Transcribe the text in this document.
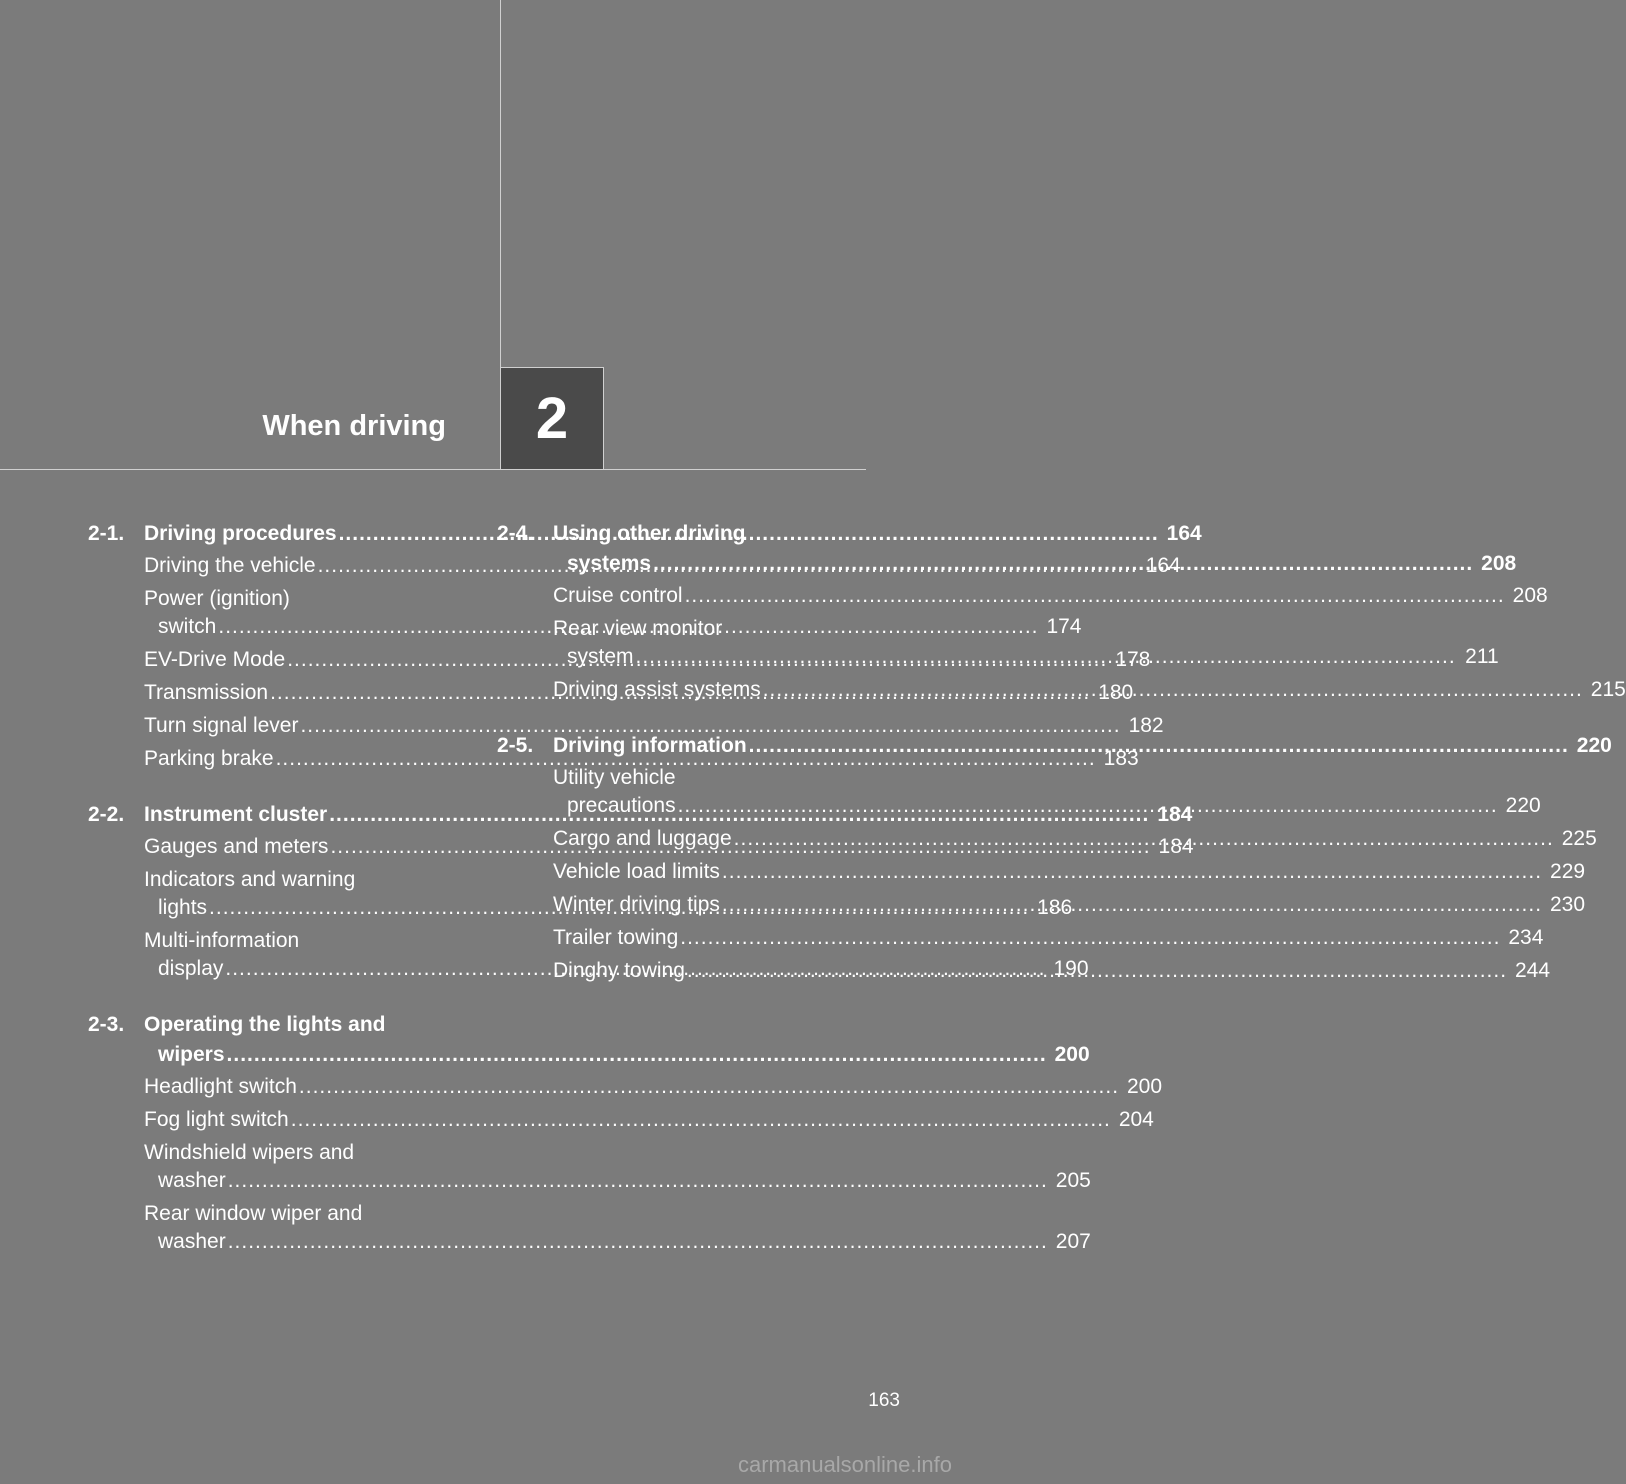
When driving 2
2-1. Driving procedures .....	164
Driving the vehicle .....	164
Power (ignition)
switch .....	174
EV-Drive Mode .....	178
Transmission .....	180
Turn signal lever .....	182
Parking brake .....	183
2-2. Instrument cluster .....	184
Gauges and meters .....	184
Indicators and warning
lights .....	186
Multi-information
display .....	190
2-3. Operating the lights and
wipers .....	200
Headlight switch .....	200
Fog light switch .....	204
Windshield wipers and
washer .....	205
Rear window wiper and
washer .....	207
2-4. Using other driving
systems .....	208
Cruise control .....	208
Rear view monitor
system .....	211
Driving assist systems .....	215
2-5. Driving information .....	220
Utility vehicle
precautions .....	220
Cargo and luggage .....	225
Vehicle load limits .....	229
Winter driving tips .....	230
Trailer towing .....	234
Dinghy towing .....	244
163
carmanualsonline.info
